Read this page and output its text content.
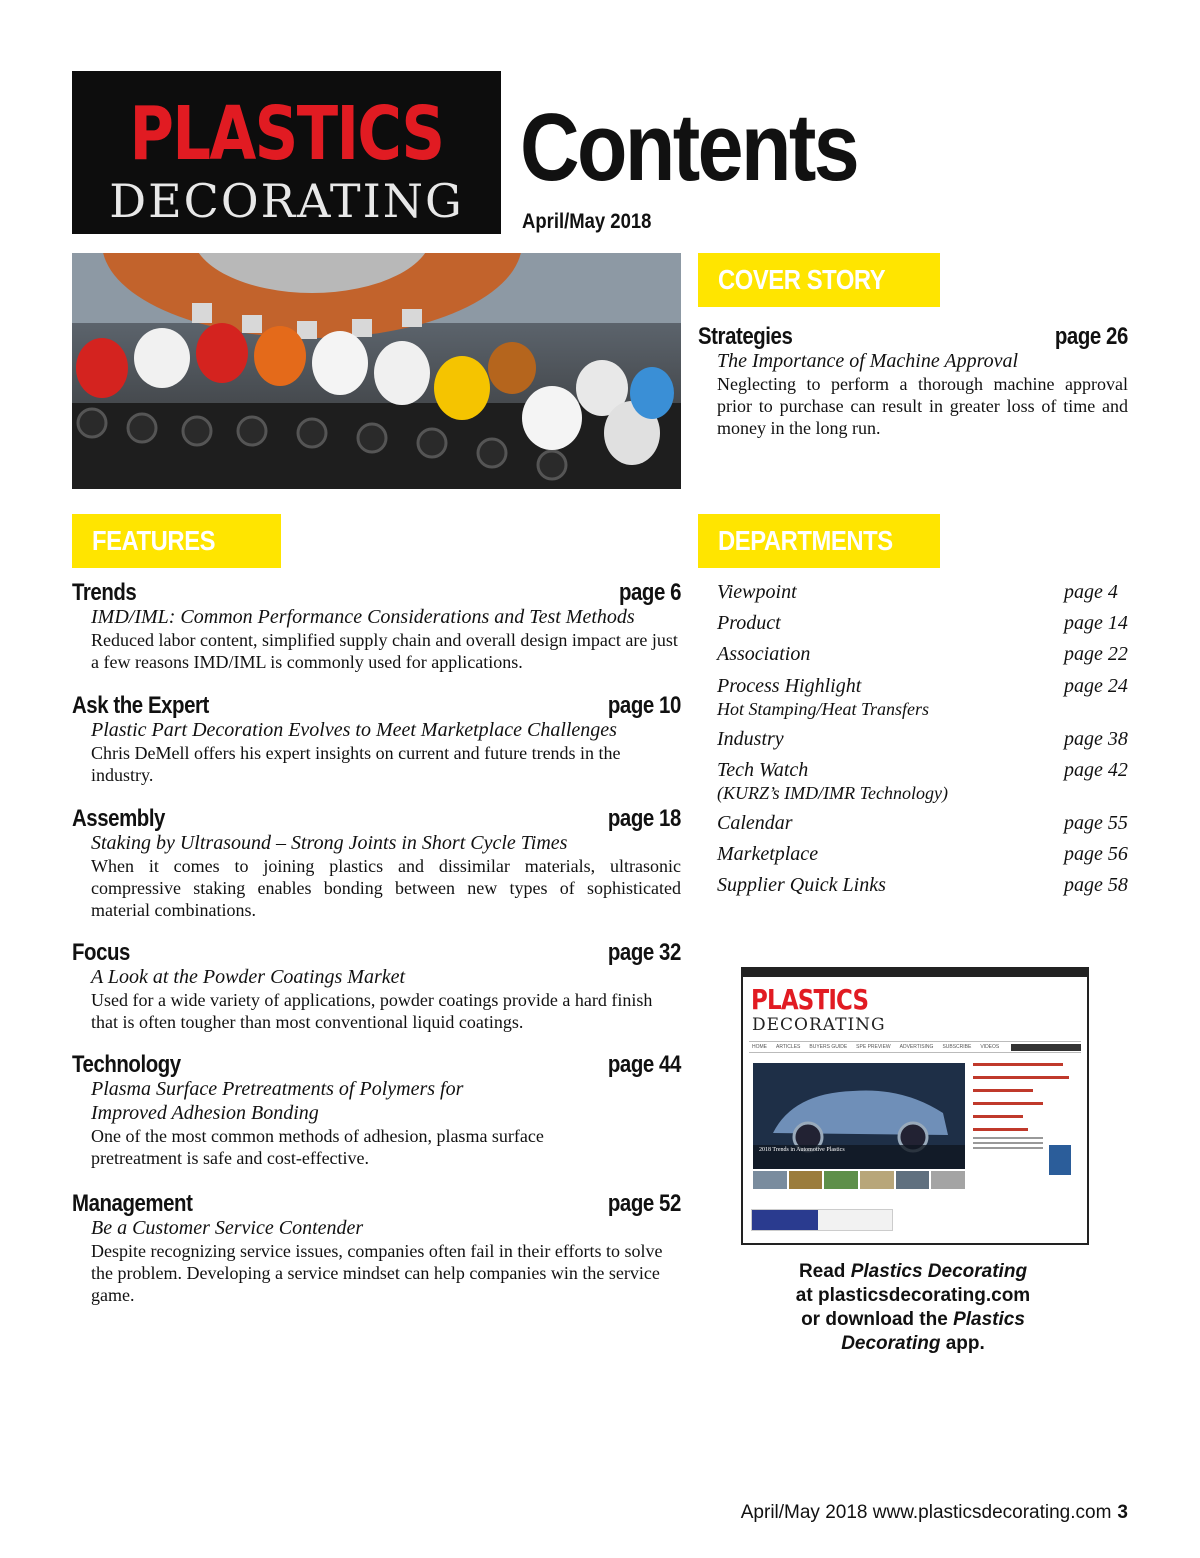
PLASTICS
DECORATING Contents
April/May 2018
COVER STORY
Strategies	page 26
The Importance of Machine Approval
Neglecting to perform a thorough machine approval prior to purchase can result in greater loss of time and money in the long run.
FEATURES
Trends	page 6
IMD/IML: Common Performance Considerations and Test Methods
Reduced labor content, simplified supply chain and overall design impact are just a few reasons IMD/IML is commonly used for applications.
Ask the Expert	page 10
Plastic Part Decoration Evolves to Meet Marketplace Challenges
Chris DeMell offers his expert insights on current and future trends in the industry.
Assembly	page 18
Staking by Ultrasound – Strong Joints in Short Cycle Times
When it comes to joining plastics and dissimilar materials, ultrasonic compressive staking enables bonding between new types of sophisticated material combinations.
Focus	page 32
A Look at the Powder Coatings Market
Used for a wide variety of applications, powder coatings provide a hard finish that is often tougher than most conventional liquid coatings.
Technology	page 44
Plasma Surface Pretreatments of Polymers for Improved Adhesion Bonding
One of the most common methods of adhesion, plasma surface pretreatment is safe and cost-effective.
Management	page 52
Be a Customer Service Contender
Despite recognizing service issues, companies often fail in their efforts to solve the problem. Developing a service mindset can help companies win the service game.
DEPARTMENTS
Viewpoint	page 4
Product	page 14
Association	page 22
Process Highlight	page 24
Hot Stamping/Heat Transfers
Industry	page 38
Tech Watch	page 42
(KURZ’s IMD/IMR Technology)
Calendar	page 55
Marketplace	page 56
Supplier Quick Links	page 58
PLASTICS
DECORATING
HOME ARTICLES BUYERS GUIDE SPE PREVIEW ADVERTISING SUBSCRIBE VIDEOS
2018 Trends in Automotive Plastics
Read Plastics Decorating
at plasticsdecorating.com
or download the Plastics
Decorating app.
April/May 2018 www.plasticsdecorating.com 3
